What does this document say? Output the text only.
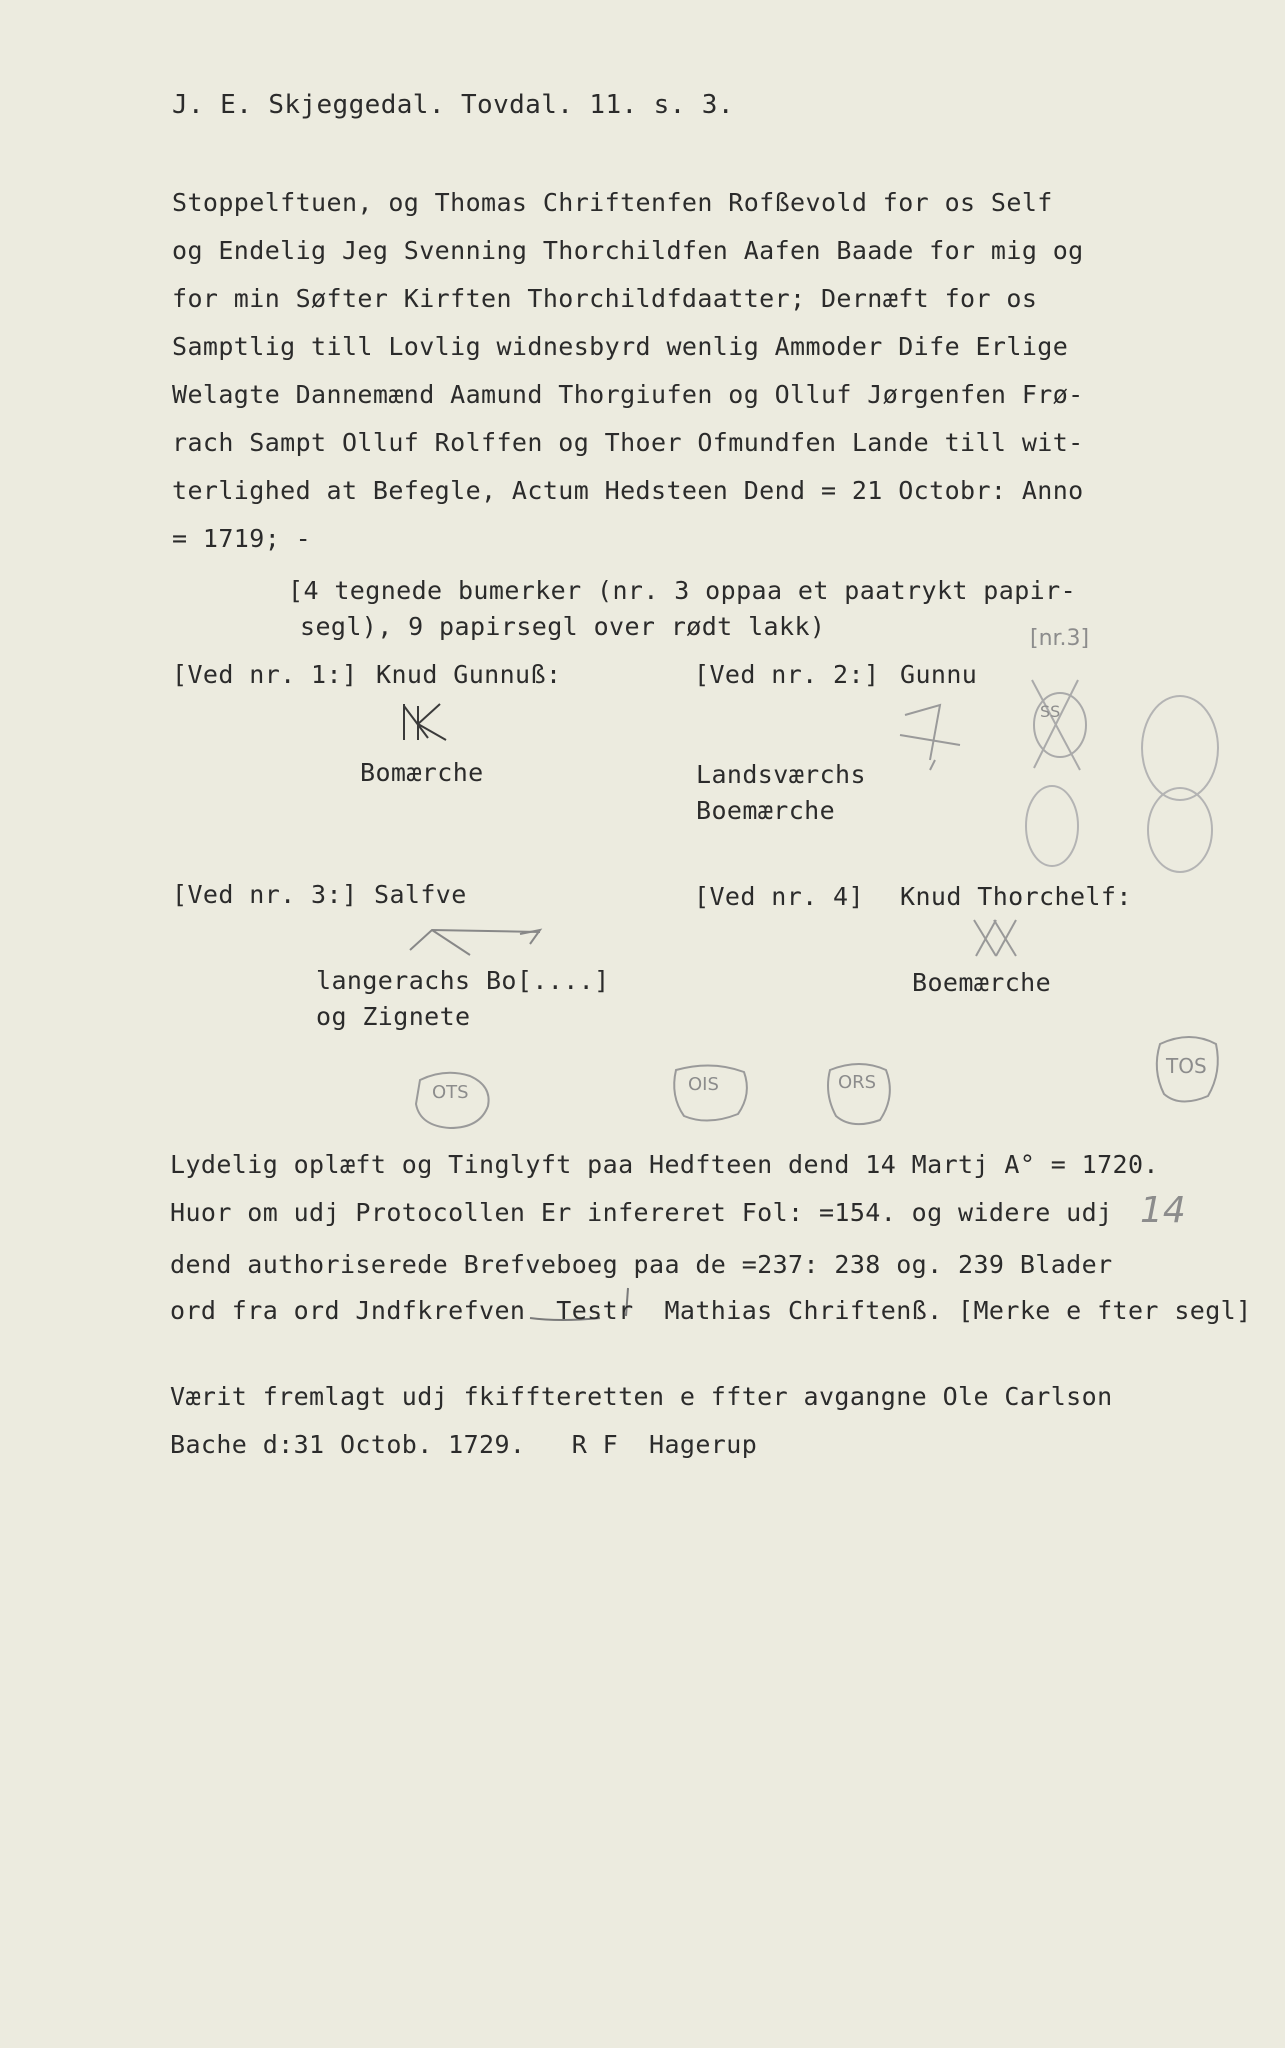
J. E. Skjeggedal. Tovdal. 11. s. 3.
Stoppelftuen, og Thomas Chriftenfen Rofßevold for os Self
og Endelig Jeg Svenning Thorchildfen Aafen Baade for mig og
for min Søfter Kirften Thorchildfdaatter; Dernæft for os
Samptlig till Lovlig widnesbyrd wenlig Ammoder Dife Erlige
Welagte Dannemænd Aamund Thorgiufen og Olluf Jørgenfen Frø-
rach Sampt Olluf Rolffen og Thoer Ofmundfen Lande till wit-
terlighed at Befegle, Actum Hedsteen Dend = 21 Octobr: Anno
= 1719; -
[4 tegnede bumerker (nr. 3 oppaa et paatrykt papir-
segl), 9 papirsegl over rødt lakk)
[Ved nr. 1:] Knud Gunnuß:
Bomærche
[Ved nr. 2:] Gunnu
Landsværchs
Boemærche
[Ved nr. 3:] Salfve
langerachs Bo[....]
og Zignete
[Ved nr. 4] Knud Thorchelf:
Boemærche
[nr.3]
14
OTS	OIS	ORS
TOS
SS
Lydelig oplæft og Tinglyft paa Hedfteen dend 14 Martj A° = 1720.
Huor om udj Protocollen Er infereret Fol: =154. og widere udj
dend authoriserede Brefveboeg paa de =237: 238 og. 239 Blader
ord fra ord Jndfkrefven  Testr  Mathias Chriftenß. [Merke e fter segl]
Værit fremlagt udj fkiffteretten e ffter avgangne Ole Carlson
Bache d:31 Octob. 1729.   R F  Hagerup
